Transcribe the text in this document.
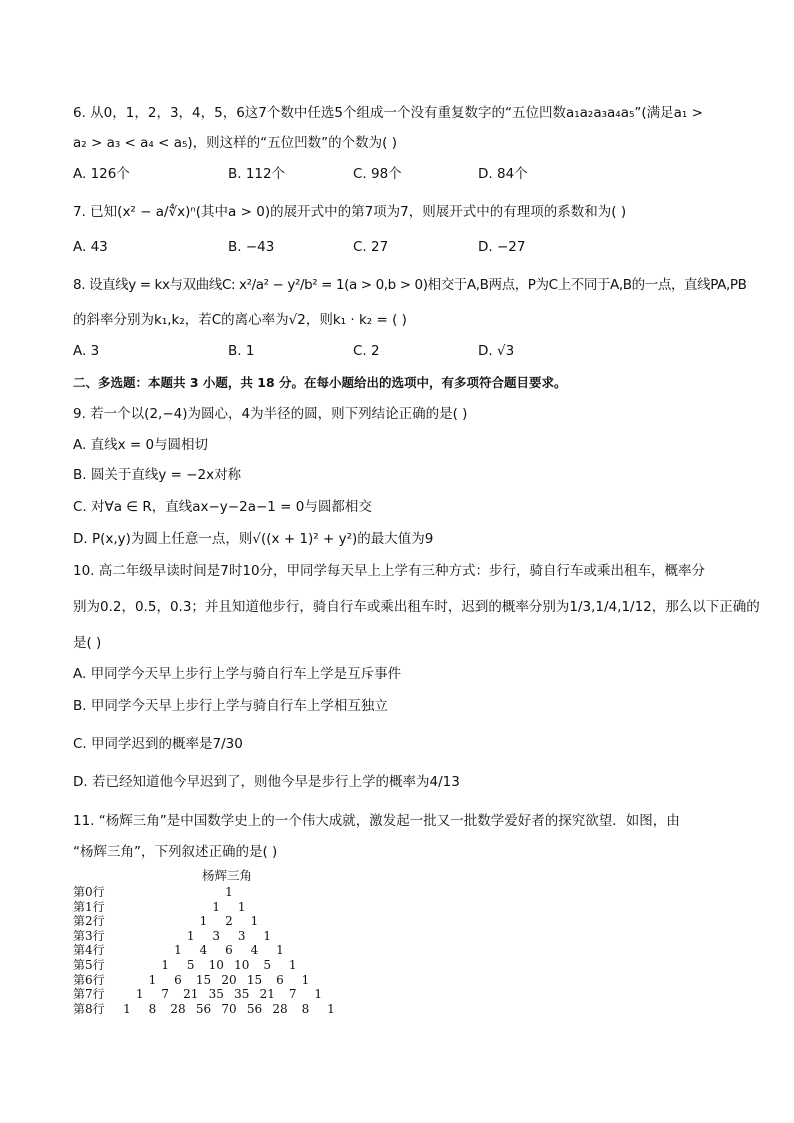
6. 从0，1，2，3，4，5，6这7个数中任选5个组成一个没有重复数字的“五位凹数a₁a₂a₃a₄a₅”(满足a₁ >
a₂ > a₃ < a₄ < a₅)，则这样的“五位凹数”的个数为( )
A. 126个	B. 112个	C. 98个	D. 84个
7. 已知(x² − a/∜x)ⁿ(其中a > 0)的展开式中的第7项为7，则展开式中的有理项的系数和为( )
A. 43	B. −43	C. 27	D. −27
8. 设直线y = kx与双曲线C: x²/a² − y²/b² = 1(a > 0,b > 0)相交于A,B两点，P为C上不同于A,B的一点，直线PA,PB
的斜率分别为k₁,k₂，若C的离心率为√2，则k₁ · k₂ = ( )
A. 3	B. 1	C. 2	D. √3
二、多选题：本题共 3 小题，共 18 分。在每小题给出的选项中，有多项符合题目要求。
9. 若一个以(2,−4)为圆心，4为半径的圆，则下列结论正确的是( )
A. 直线x = 0与圆相切
B. 圆关于直线y = −2x对称
C. 对∀a ∈ R，直线ax−y−2a−1 = 0与圆都相交
D. P(x,y)为圆上任意一点，则√((x + 1)² + y²)的最大值为9
10. 高二年级早读时间是7时10分，甲同学每天早上上学有三种方式：步行，骑自行车或乘出租车，概率分
别为0.2，0.5，0.3；并且知道他步行，骑自行车或乘出租车时，迟到的概率分别为1/3,1/4,1/12，那么以下正确的
是( )
A. 甲同学今天早上步行上学与骑自行车上学是互斥事件
B. 甲同学今天早上步行上学与骑自行车上学相互独立
C. 甲同学迟到的概率是7/30
D. 若已经知道他今早迟到了，则他今早是步行上学的概率为4/13
11. “杨辉三角”是中国数学史上的一个伟大成就，激发起一批又一批数学爱好者的探究欲望．如图，由
“杨辉三角”，下列叙述正确的是( )
杨辉三角
第0行	1
第1行	1	1
第2行	1	2	1
第3行	1	3	3	1
第4行	1	4	6	4	1
第5行	1	5	10 10	5	1
第6行	1	6	15 20 15	6	1
第7行	1	7	21 35 35 21	7	1
第8行	1	8	28 56 70 56 28	8	1
